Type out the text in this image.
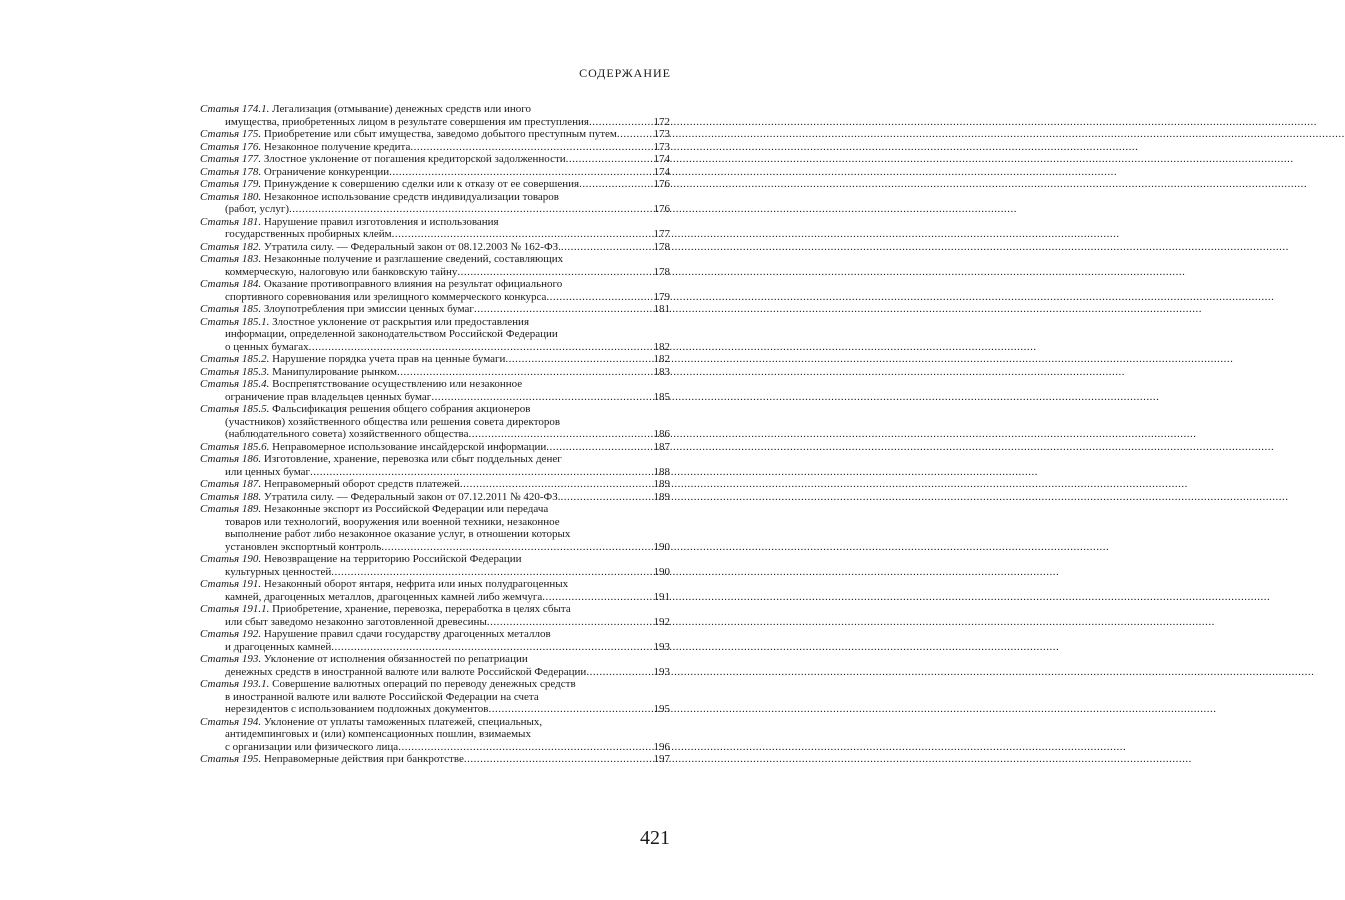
СОДЕРЖАНИЕ
Статья 174.1. Легализация (отмывание) денежных средств или иного
имущества, приобретенных лицом в результате совершения им преступления .....	172
Статья 175. Приобретение или сбыт имущества, заведомо добытого преступным путем .....	173
Статья 176. Незаконное получение кредита .....	173
Статья 177. Злостное уклонение от погашения кредиторской задолженности .....	174
Статья 178. Ограничение конкуренции .....	174
Статья 179. Принуждение к совершению сделки или к отказу от ее совершения .....	176
Статья 180. Незаконное использование средств индивидуализации товаров
(работ, услуг) .....	176
Статья 181. Нарушение правил изготовления и использования
государственных пробирных клейм .....	177
Статья 182. Утратила силу. — Федеральный закон от 08.12.2003 № 162-ФЗ. .....	178
Статья 183. Незаконные получение и разглашение сведений, составляющих
коммерческую, налоговую или банковскую тайну .....	178
Статья 184. Оказание противоправного влияния на результат официального
спортивного соревнования или зрелищного коммерческого конкурса .....	179
Статья 185. Злоупотребления при эмиссии ценных бумаг .....	181
Статья 185.1. Злостное уклонение от раскрытия или предоставления
информации, определенной законодательством Российской Федерации
о ценных бумагах .....	182
Статья 185.2. Нарушение порядка учета прав на ценные бумаги .....	182
Статья 185.3. Манипулирование рынком .....	183
Статья 185.4. Воспрепятствование осуществлению или незаконное
ограничение прав владельцев ценных бумаг .....	185
Статья 185.5. Фальсификация решения общего собрания акционеров
(участников) хозяйственного общества или решения совета директоров
(наблюдательного совета) хозяйственного общества .....	186
Статья 185.6. Неправомерное использование инсайдерской информации .....	187
Статья 186. Изготовление, хранение, перевозка или сбыт поддельных денег
или ценных бумаг .....	188
Статья 187. Неправомерный оборот средств платежей .....	189
Статья 188. Утратила силу. — Федеральный закон от 07.12.2011 № 420-ФЗ. .....	189
Статья 189. Незаконные экспорт из Российской Федерации или передача
товаров или технологий, вооружения или военной техники, незаконное
выполнение работ либо незаконное оказание услуг, в отношении которых
установлен экспортный контроль .....	190
Статья 190. Невозвращение на территорию Российской Федерации
культурных ценностей .....	190
Статья 191. Незаконный оборот янтаря, нефрита или иных полудрагоценных
камней, драгоценных металлов, драгоценных камней либо жемчуга .....	191
Статья 191.1. Приобретение, хранение, перевозка, переработка в целях сбыта
или сбыт заведомо незаконно заготовленной древесины .....	192
Статья 192. Нарушение правил сдачи государству драгоценных металлов
и драгоценных камней .....	193
Статья 193. Уклонение от исполнения обязанностей по репатриации
денежных средств в иностранной валюте или валюте Российской Федерации .....	193
Статья 193.1. Совершение валютных операций по переводу денежных средств
в иностранной валюте или валюте Российской Федерации на счета
нерезидентов с использованием подложных документов .....	195
Статья 194. Уклонение от уплаты таможенных платежей, специальных,
антидемпинговых и (или) компенсационных пошлин, взимаемых
с организации или физического лица .....	196
Статья 195. Неправомерные действия при банкротстве .....	197
421
